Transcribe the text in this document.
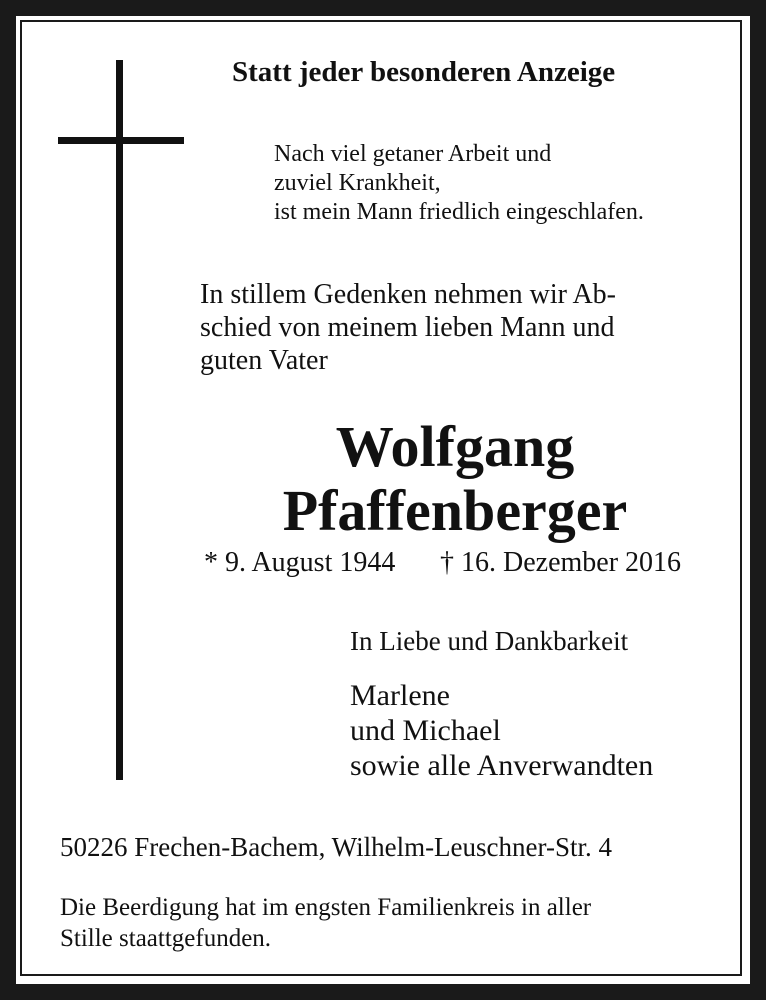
Statt jeder besonderen Anzeige
Nach viel getaner Arbeit und
zuviel Krankheit,
ist mein Mann friedlich eingeschlafen.
In stillem Gedenken nehmen wir Ab-
schied von meinem lieben Mann und
guten Vater
Wolfgang
Pfaffenberger
* 9. August 1944 † 16. Dezember 2016
In Liebe und Dankbarkeit
Marlene
und Michael
sowie alle Anverwandten
50226 Frechen-Bachem, Wilhelm-Leuschner-Str. 4
Die Beerdigung hat im engsten Familienkreis in aller
Stille staattgefunden.
